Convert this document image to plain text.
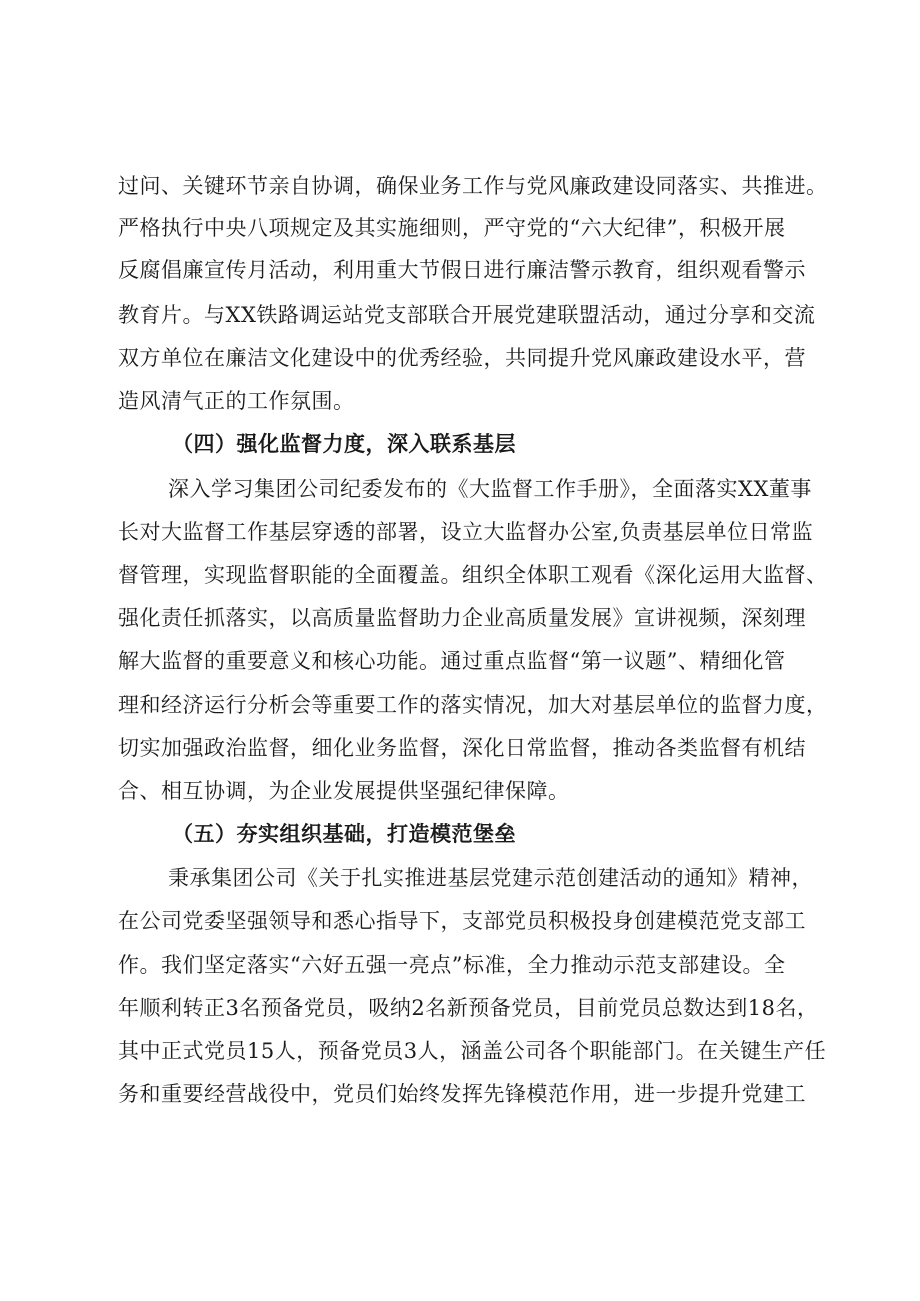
过问、关键环节亲自协调，确保业务工作与党风廉政建设同落实、共推进。
严格执行中央八项规定及其实施细则，严守党的“六大纪律”，积极开展
反腐倡廉宣传月活动，利用重大节假日进行廉洁警示教育，组织观看警示
教育片。与XX铁路调运站党支部联合开展党建联盟活动，通过分享和交流
双方单位在廉洁文化建设中的优秀经验，共同提升党风廉政建设水平，营
造风清气正的工作氛围。
（四）强化监督力度，深入联系基层
深入学习集团公司纪委发布的《大监督工作手册》，全面落实XX董事
长对大监督工作基层穿透的部署，设立大监督办公室,负责基层单位日常监
督管理，实现监督职能的全面覆盖。组织全体职工观看《深化运用大监督、
强化责任抓落实，以高质量监督助力企业高质量发展》宣讲视频，深刻理
解大监督的重要意义和核心功能。通过重点监督“第一议题”、精细化管
理和经济运行分析会等重要工作的落实情况，加大对基层单位的监督力度，
切实加强政治监督，细化业务监督，深化日常监督，推动各类监督有机结
合、相互协调，为企业发展提供坚强纪律保障。
（五）夯实组织基础，打造模范堡垒
秉承集团公司《关于扎实推进基层党建示范创建活动的通知》精神，
在公司党委坚强领导和悉心指导下，支部党员积极投身创建模范党支部工
作。我们坚定落实“六好五强一亮点”标准，全力推动示范支部建设。全
年顺利转正3名预备党员，吸纳2名新预备党员，目前党员总数达到18名，
其中正式党员15人，预备党员3人，涵盖公司各个职能部门。在关键生产任
务和重要经营战役中，党员们始终发挥先锋模范作用，进一步提升党建工
